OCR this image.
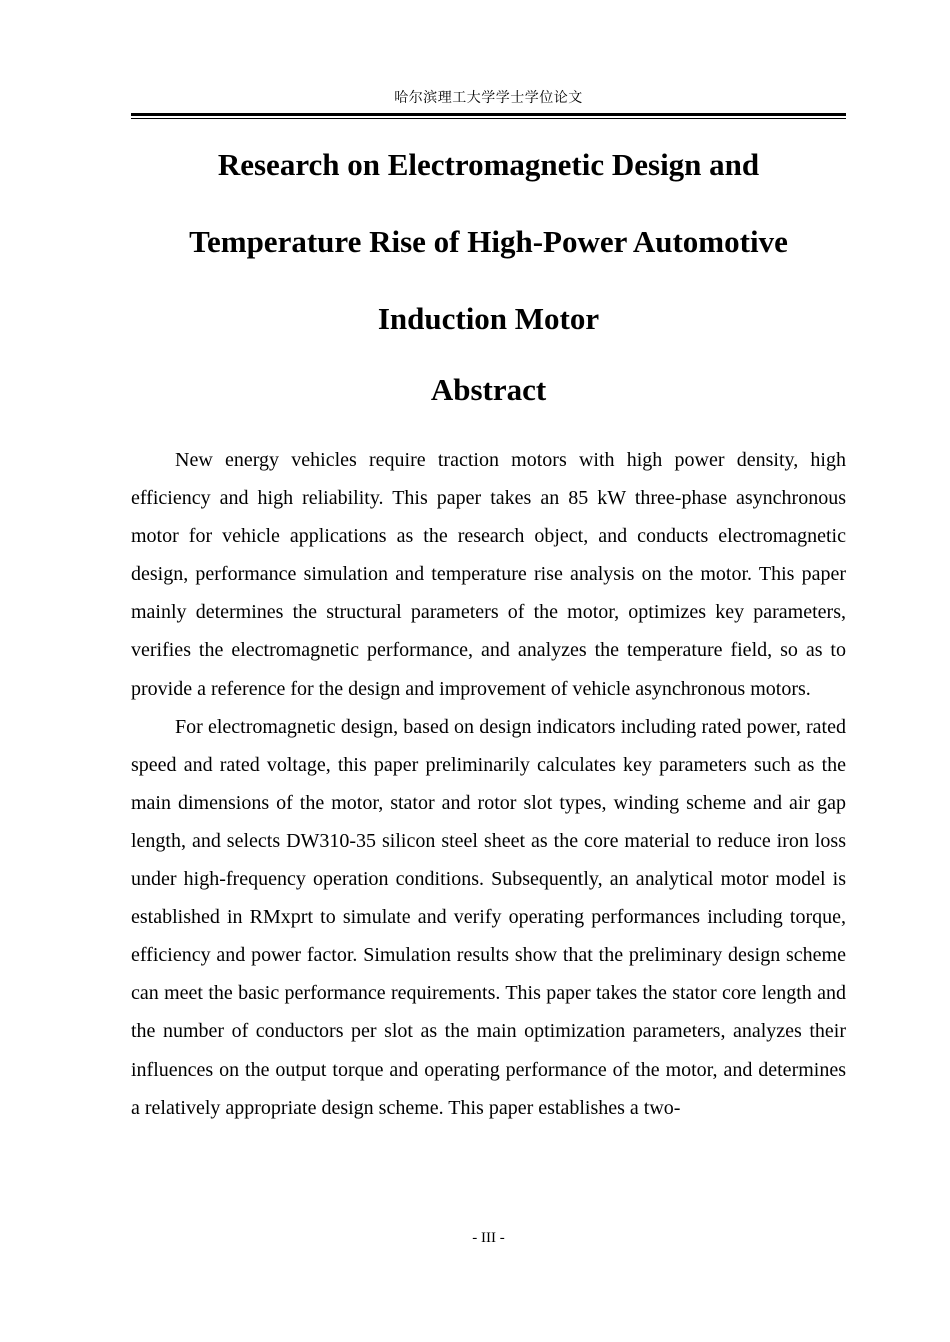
哈尔滨理工大学学士学位论文
Research on Electromagnetic Design and
Temperature Rise of High-Power Automotive
Induction Motor
Abstract

New energy vehicles require traction motors with high power density, high efficiency and high reliability. This paper takes an 85 kW three-phase asynchronous motor for vehicle applications as the research object, and conducts electromagnetic design, performance simulation and temperature rise analysis on the motor. This paper mainly determines the structural parameters of the motor, optimizes key parameters, verifies the electromagnetic performance, and analyzes the temperature field, so as to provide a reference for the design and improvement of vehicle asynchronous motors.

For electromagnetic design, based on design indicators including rated power, rated speed and rated voltage, this paper preliminarily calculates key parameters such as the main dimensions of the motor, stator and rotor slot types, winding scheme and air gap length, and selects DW310-35 silicon steel sheet as the core material to reduce iron loss under high-frequency operation conditions. Subsequently, an analytical motor model is established in RMxprt to simulate and verify operating performances including torque, efficiency and power factor. Simulation results show that the preliminary design scheme can meet the basic performance requirements. This paper takes the stator core length and the number of conductors per slot as the main optimization parameters, analyzes their influences on the output torque and operating performance of the motor, and determines a relatively appropriate design scheme. This paper establishes a two-

- III -
